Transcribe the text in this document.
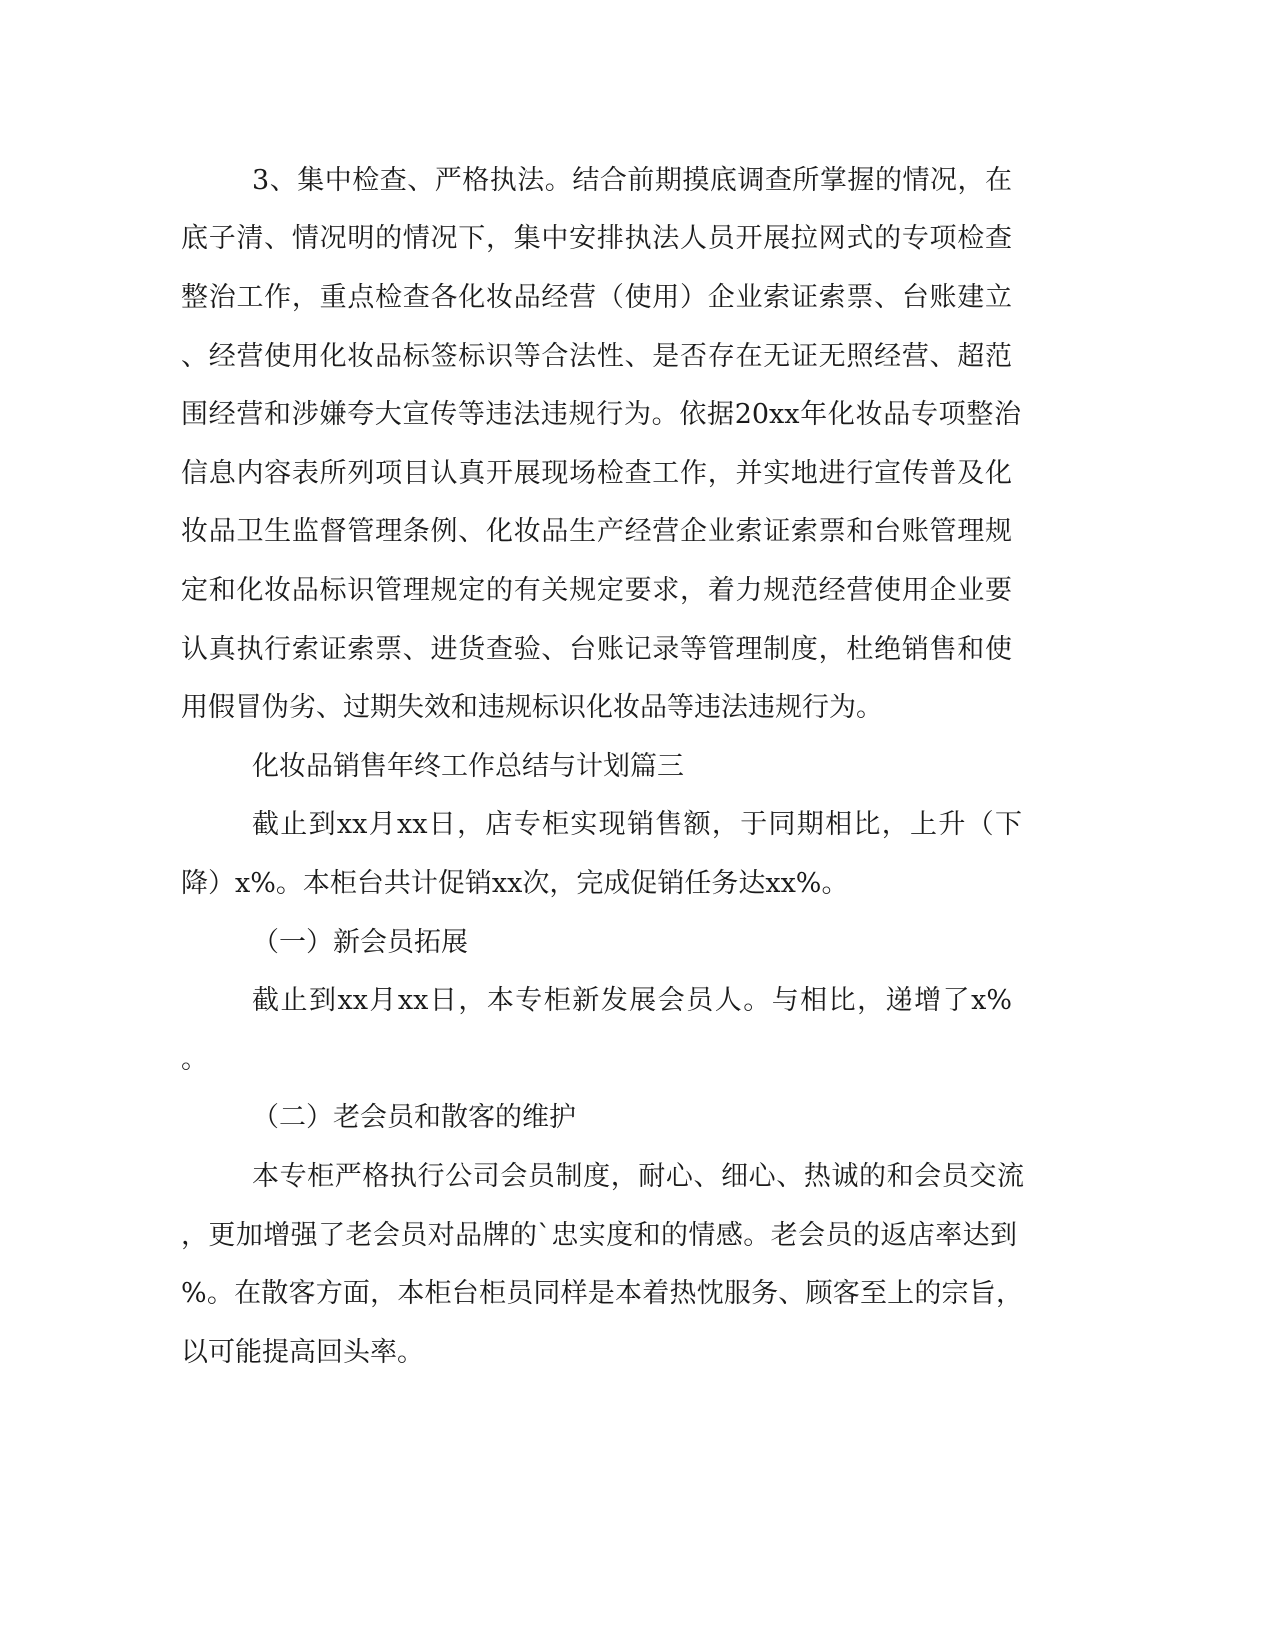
3、集中检查、严格执法。结合前期摸底调查所掌握的情况，在
底子清、情况明的情况下，集中安排执法人员开展拉网式的专项检查
整治工作，重点检查各化妆品经营（使用）企业索证索票、台账建立
、经营使用化妆品标签标识等合法性、是否存在无证无照经营、超范
围经营和涉嫌夸大宣传等违法违规行为。依据20xx年化妆品专项整治
信息内容表所列项目认真开展现场检查工作，并实地进行宣传普及化
妆品卫生监督管理条例、化妆品生产经营企业索证索票和台账管理规
定和化妆品标识管理规定的有关规定要求，着力规范经营使用企业要
认真执行索证索票、进货查验、台账记录等管理制度，杜绝销售和使
用假冒伪劣、过期失效和违规标识化妆品等违法违规行为。
化妆品销售年终工作总结与计划篇三
截止到xx月xx日，店专柜实现销售额，于同期相比，上升（下
降）x%。本柜台共计促销xx次，完成促销任务达xx%。
（一）新会员拓展
截止到xx月xx日，本专柜新发展会员人。与相比，递增了x%
。
（二）老会员和散客的维护
本专柜严格执行公司会员制度，耐心、细心、热诚的和会员交流
，更加增强了老会员对品牌的`忠实度和的情感。老会员的返店率达到
%。在散客方面，本柜台柜员同样是本着热忱服务、顾客至上的宗旨，
以可能提高回头率。
